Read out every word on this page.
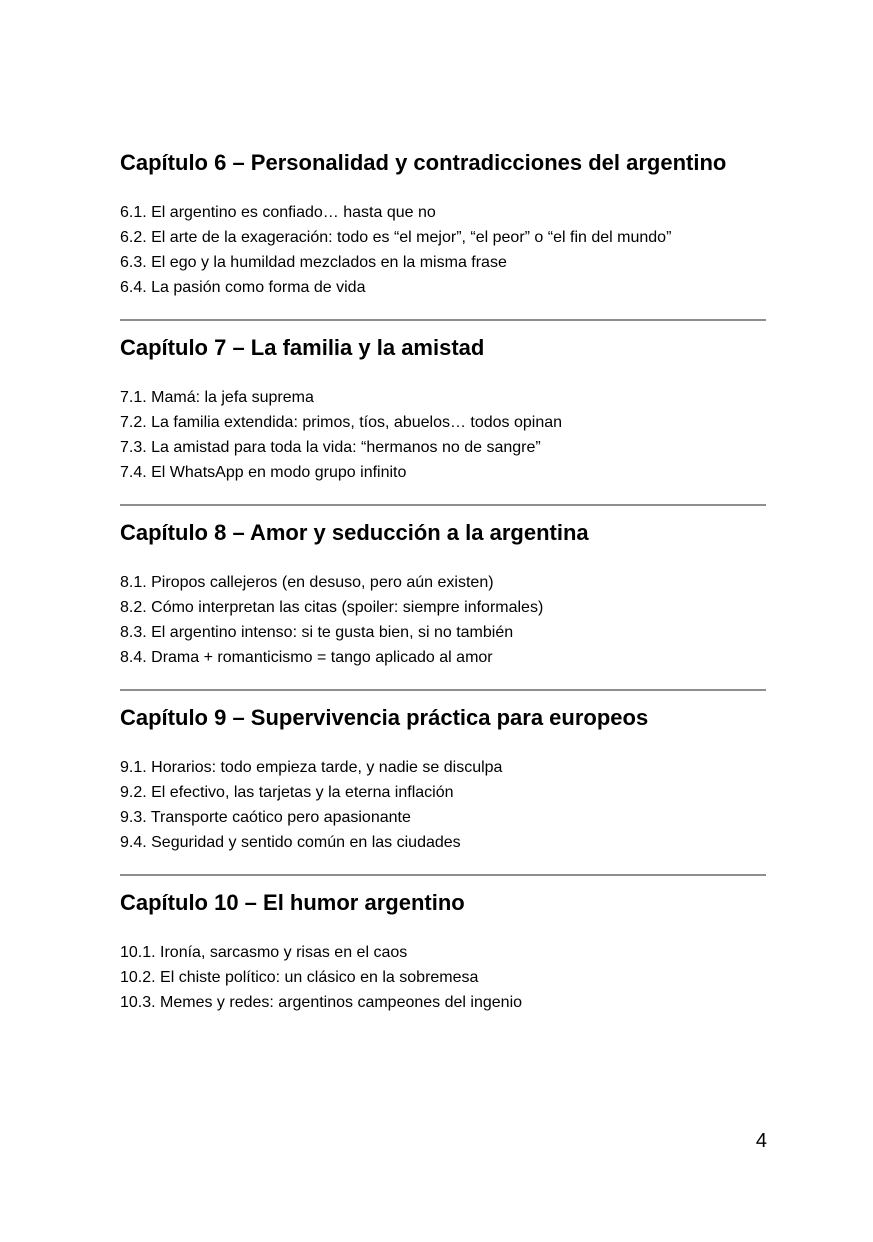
Capítulo 6 – Personalidad y contradicciones del argentino
6.1. El argentino es confiado… hasta que no
6.2. El arte de la exageración: todo es “el mejor”, “el peor” o “el fin del mundo”
6.3. El ego y la humildad mezclados en la misma frase
6.4. La pasión como forma de vida
Capítulo 7 – La familia y la amistad
7.1. Mamá: la jefa suprema
7.2. La familia extendida: primos, tíos, abuelos… todos opinan
7.3. La amistad para toda la vida: “hermanos no de sangre”
7.4. El WhatsApp en modo grupo infinito
Capítulo 8 – Amor y seducción a la argentina
8.1. Piropos callejeros (en desuso, pero aún existen)
8.2. Cómo interpretan las citas (spoiler: siempre informales)
8.3. El argentino intenso: si te gusta bien, si no también
8.4. Drama + romanticismo = tango aplicado al amor
Capítulo 9 – Supervivencia práctica para europeos
9.1. Horarios: todo empieza tarde, y nadie se disculpa
9.2. El efectivo, las tarjetas y la eterna inflación
9.3. Transporte caótico pero apasionante
9.4. Seguridad y sentido común en las ciudades
Capítulo 10 – El humor argentino
10.1. Ironía, sarcasmo y risas en el caos
10.2. El chiste político: un clásico en la sobremesa
10.3. Memes y redes: argentinos campeones del ingenio
4
